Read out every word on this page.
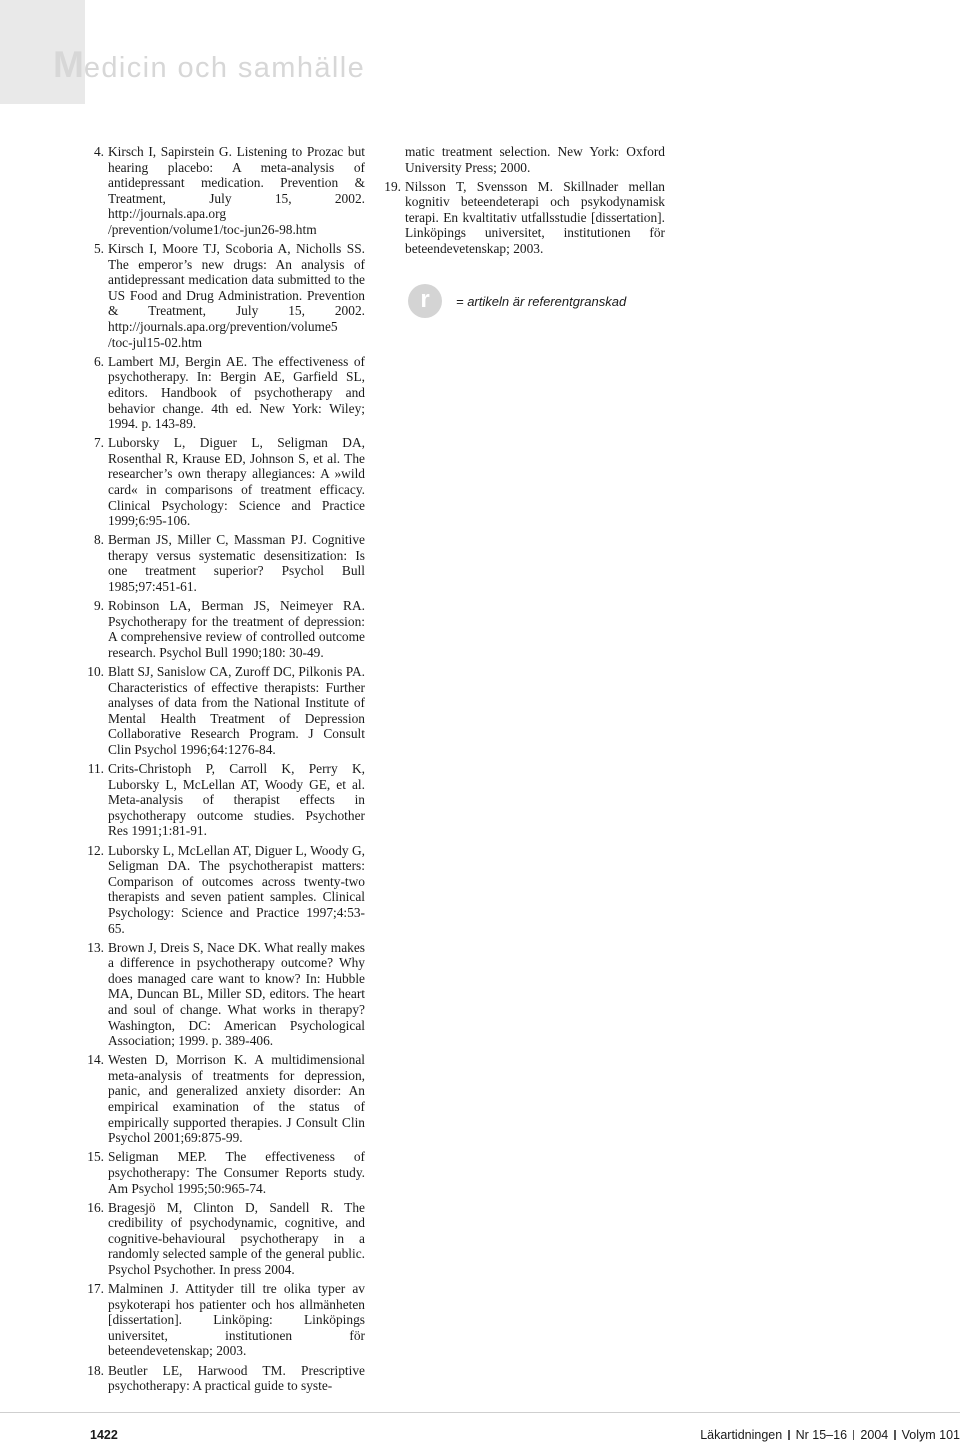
Medicin och samhälle
4. Kirsch I, Sapirstein G. Listening to Prozac but hearing placebo: A meta-analysis of antidepressant medication. Prevention & Treatment, July 15, 2002. http://journals.apa.org /prevention/volume1/toc-jun26-98.htm
5. Kirsch I, Moore TJ, Scoboria A, Nicholls SS. The emperor’s new drugs: An analysis of antidepressant medication data submitted to the US Food and Drug Administration. Prevention & Treatment, July 15, 2002. http://journals.apa.org/prevention/volume5 /toc-jul15-02.htm
6. Lambert MJ, Bergin AE. The effectiveness of psychotherapy. In: Bergin AE, Garfield SL, editors. Handbook of psychotherapy and behavior change. 4th ed. New York: Wiley; 1994. p. 143-89.
7. Luborsky L, Diguer L, Seligman DA, Rosenthal R, Krause ED, Johnson S, et al. The researcher’s own therapy allegiances: A »wild card« in comparisons of treatment efficacy. Clinical Psychology: Science and Practice 1999;6:95-106.
8. Berman JS, Miller C, Massman PJ. Cognitive therapy versus systematic desensitization: Is one treatment superior? Psychol Bull 1985;97:451-61.
9. Robinson LA, Berman JS, Neimeyer RA. Psychotherapy for the treatment of depression: A comprehensive review of controlled outcome research. Psychol Bull 1990;180: 30-49.
10. Blatt SJ, Sanislow CA, Zuroff DC, Pilkonis PA. Characteristics of effective therapists: Further analyses of data from the National Institute of Mental Health Treatment of Depression Collaborative Research Program. J Consult Clin Psychol 1996;64:1276-84.
11. Crits-Christoph P, Carroll K, Perry K, Luborsky L, McLellan AT, Woody GE, et al. Meta-analysis of therapist effects in psychotherapy outcome studies. Psychother Res 1991;1:81-91.
12. Luborsky L, McLellan AT, Diguer L, Woody G, Seligman DA. The psychotherapist matters: Comparison of outcomes across twenty-two therapists and seven patient samples. Clinical Psychology: Science and Practice 1997;4:53-65.
13. Brown J, Dreis S, Nace DK. What really makes a difference in psychotherapy outcome? Why does managed care want to know? In: Hubble MA, Duncan BL, Miller SD, editors. The heart and soul of change. What works in therapy? Washington, DC: American Psychological Association; 1999. p. 389-406.
14. Westen D, Morrison K. A multidimensional meta-analysis of treatments for depression, panic, and generalized anxiety disorder: An empirical examination of the status of empirically supported therapies. J Consult Clin Psychol 2001;69:875-99.
15. Seligman MEP. The effectiveness of psychotherapy: The Consumer Reports study. Am Psychol 1995;50:965-74.
16. Bragesjö M, Clinton D, Sandell R. The credibility of psychodynamic, cognitive, and cognitive-behavioural psychotherapy in a randomly selected sample of the general public. Psychol Psychother. In press 2004.
17. Malminen J. Attityder till tre olika typer av psykoterapi hos patienter och hos allmänheten [dissertation]. Linköping: Linköpings universitet, institutionen för beteendevetenskap; 2003.
18. Beutler LE, Harwood TM. Prescriptive psychotherapy: A practical guide to syste-
matic treatment selection. New York: Oxford University Press; 2000.
19. Nilsson T, Svensson M. Skillnader mellan kognitiv beteendeterapi och psykodynamisk terapi. En kvaltitativ utfallsstudie [dissertation]. Linköpings universitet, institutionen för beteendevetenskap; 2003.
r = artikeln är referentgranskad
1422	Läkartidningen Nr 15–16 2004 Volym 101
